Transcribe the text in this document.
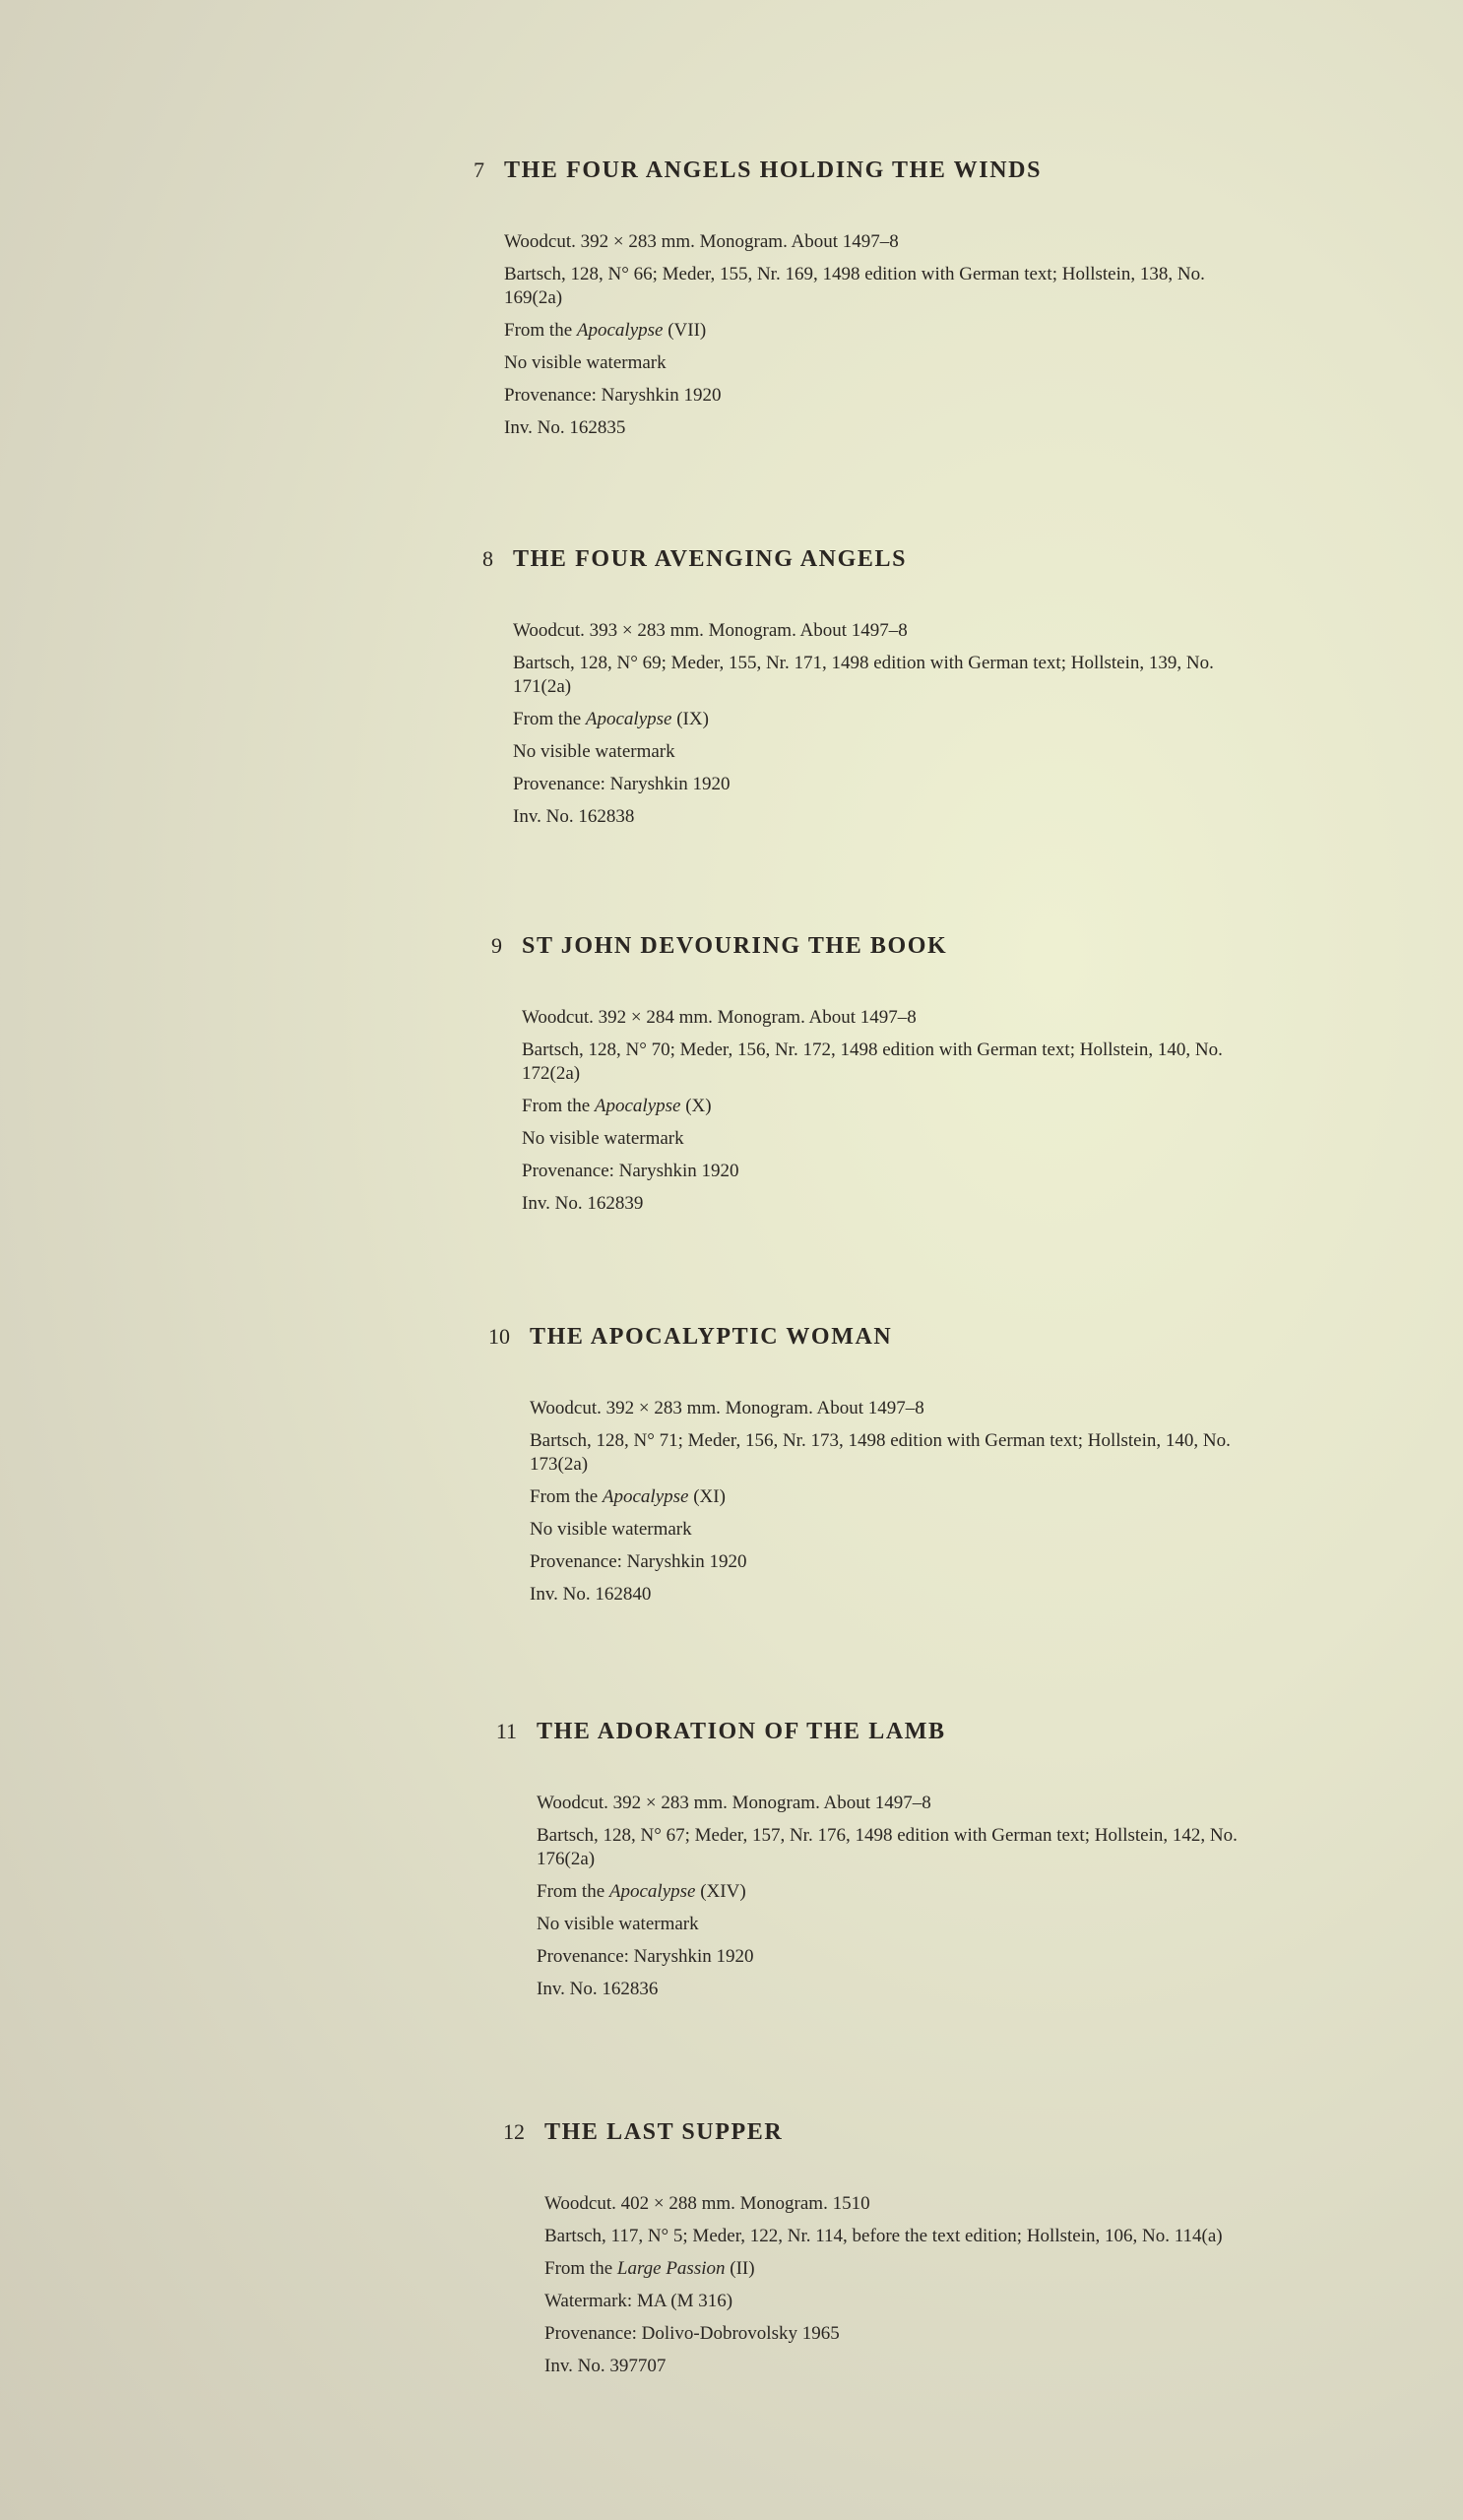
7 THE FOUR ANGELS HOLDING THE WINDS
Woodcut. 392 × 283 mm. Monogram. About 1497–8
Bartsch, 128, N° 66; Meder, 155, Nr. 169, 1498 edition with German text; Hollstein, 138, No. 169(2a)
From the Apocalypse (VII)
No visible watermark
Provenance: Naryshkin 1920
Inv. No. 162835
8 THE FOUR AVENGING ANGELS
Woodcut. 393 × 283 mm. Monogram. About 1497–8
Bartsch, 128, N° 69; Meder, 155, Nr. 171, 1498 edition with German text; Hollstein, 139, No. 171(2a)
From the Apocalypse (IX)
No visible watermark
Provenance: Naryshkin 1920
Inv. No. 162838
9 ST JOHN DEVOURING THE BOOK
Woodcut. 392 × 284 mm. Monogram. About 1497–8
Bartsch, 128, N° 70; Meder, 156, Nr. 172, 1498 edition with German text; Hollstein, 140, No. 172(2a)
From the Apocalypse (X)
No visible watermark
Provenance: Naryshkin 1920
Inv. No. 162839
10 THE APOCALYPTIC WOMAN
Woodcut. 392 × 283 mm. Monogram. About 1497–8
Bartsch, 128, N° 71; Meder, 156, Nr. 173, 1498 edition with German text; Hollstein, 140, No. 173(2a)
From the Apocalypse (XI)
No visible watermark
Provenance: Naryshkin 1920
Inv. No. 162840
11 THE ADORATION OF THE LAMB
Woodcut. 392 × 283 mm. Monogram. About 1497–8
Bartsch, 128, N° 67; Meder, 157, Nr. 176, 1498 edition with German text; Hollstein, 142, No. 176(2a)
From the Apocalypse (XIV)
No visible watermark
Provenance: Naryshkin 1920
Inv. No. 162836
12 THE LAST SUPPER
Woodcut. 402 × 288 mm. Monogram. 1510
Bartsch, 117, N° 5; Meder, 122, Nr. 114, before the text edition; Hollstein, 106, No. 114(a)
From the Large Passion (II)
Watermark: MA (M 316)
Provenance: Dolivo-Dobrovolsky 1965
Inv. No. 397707
